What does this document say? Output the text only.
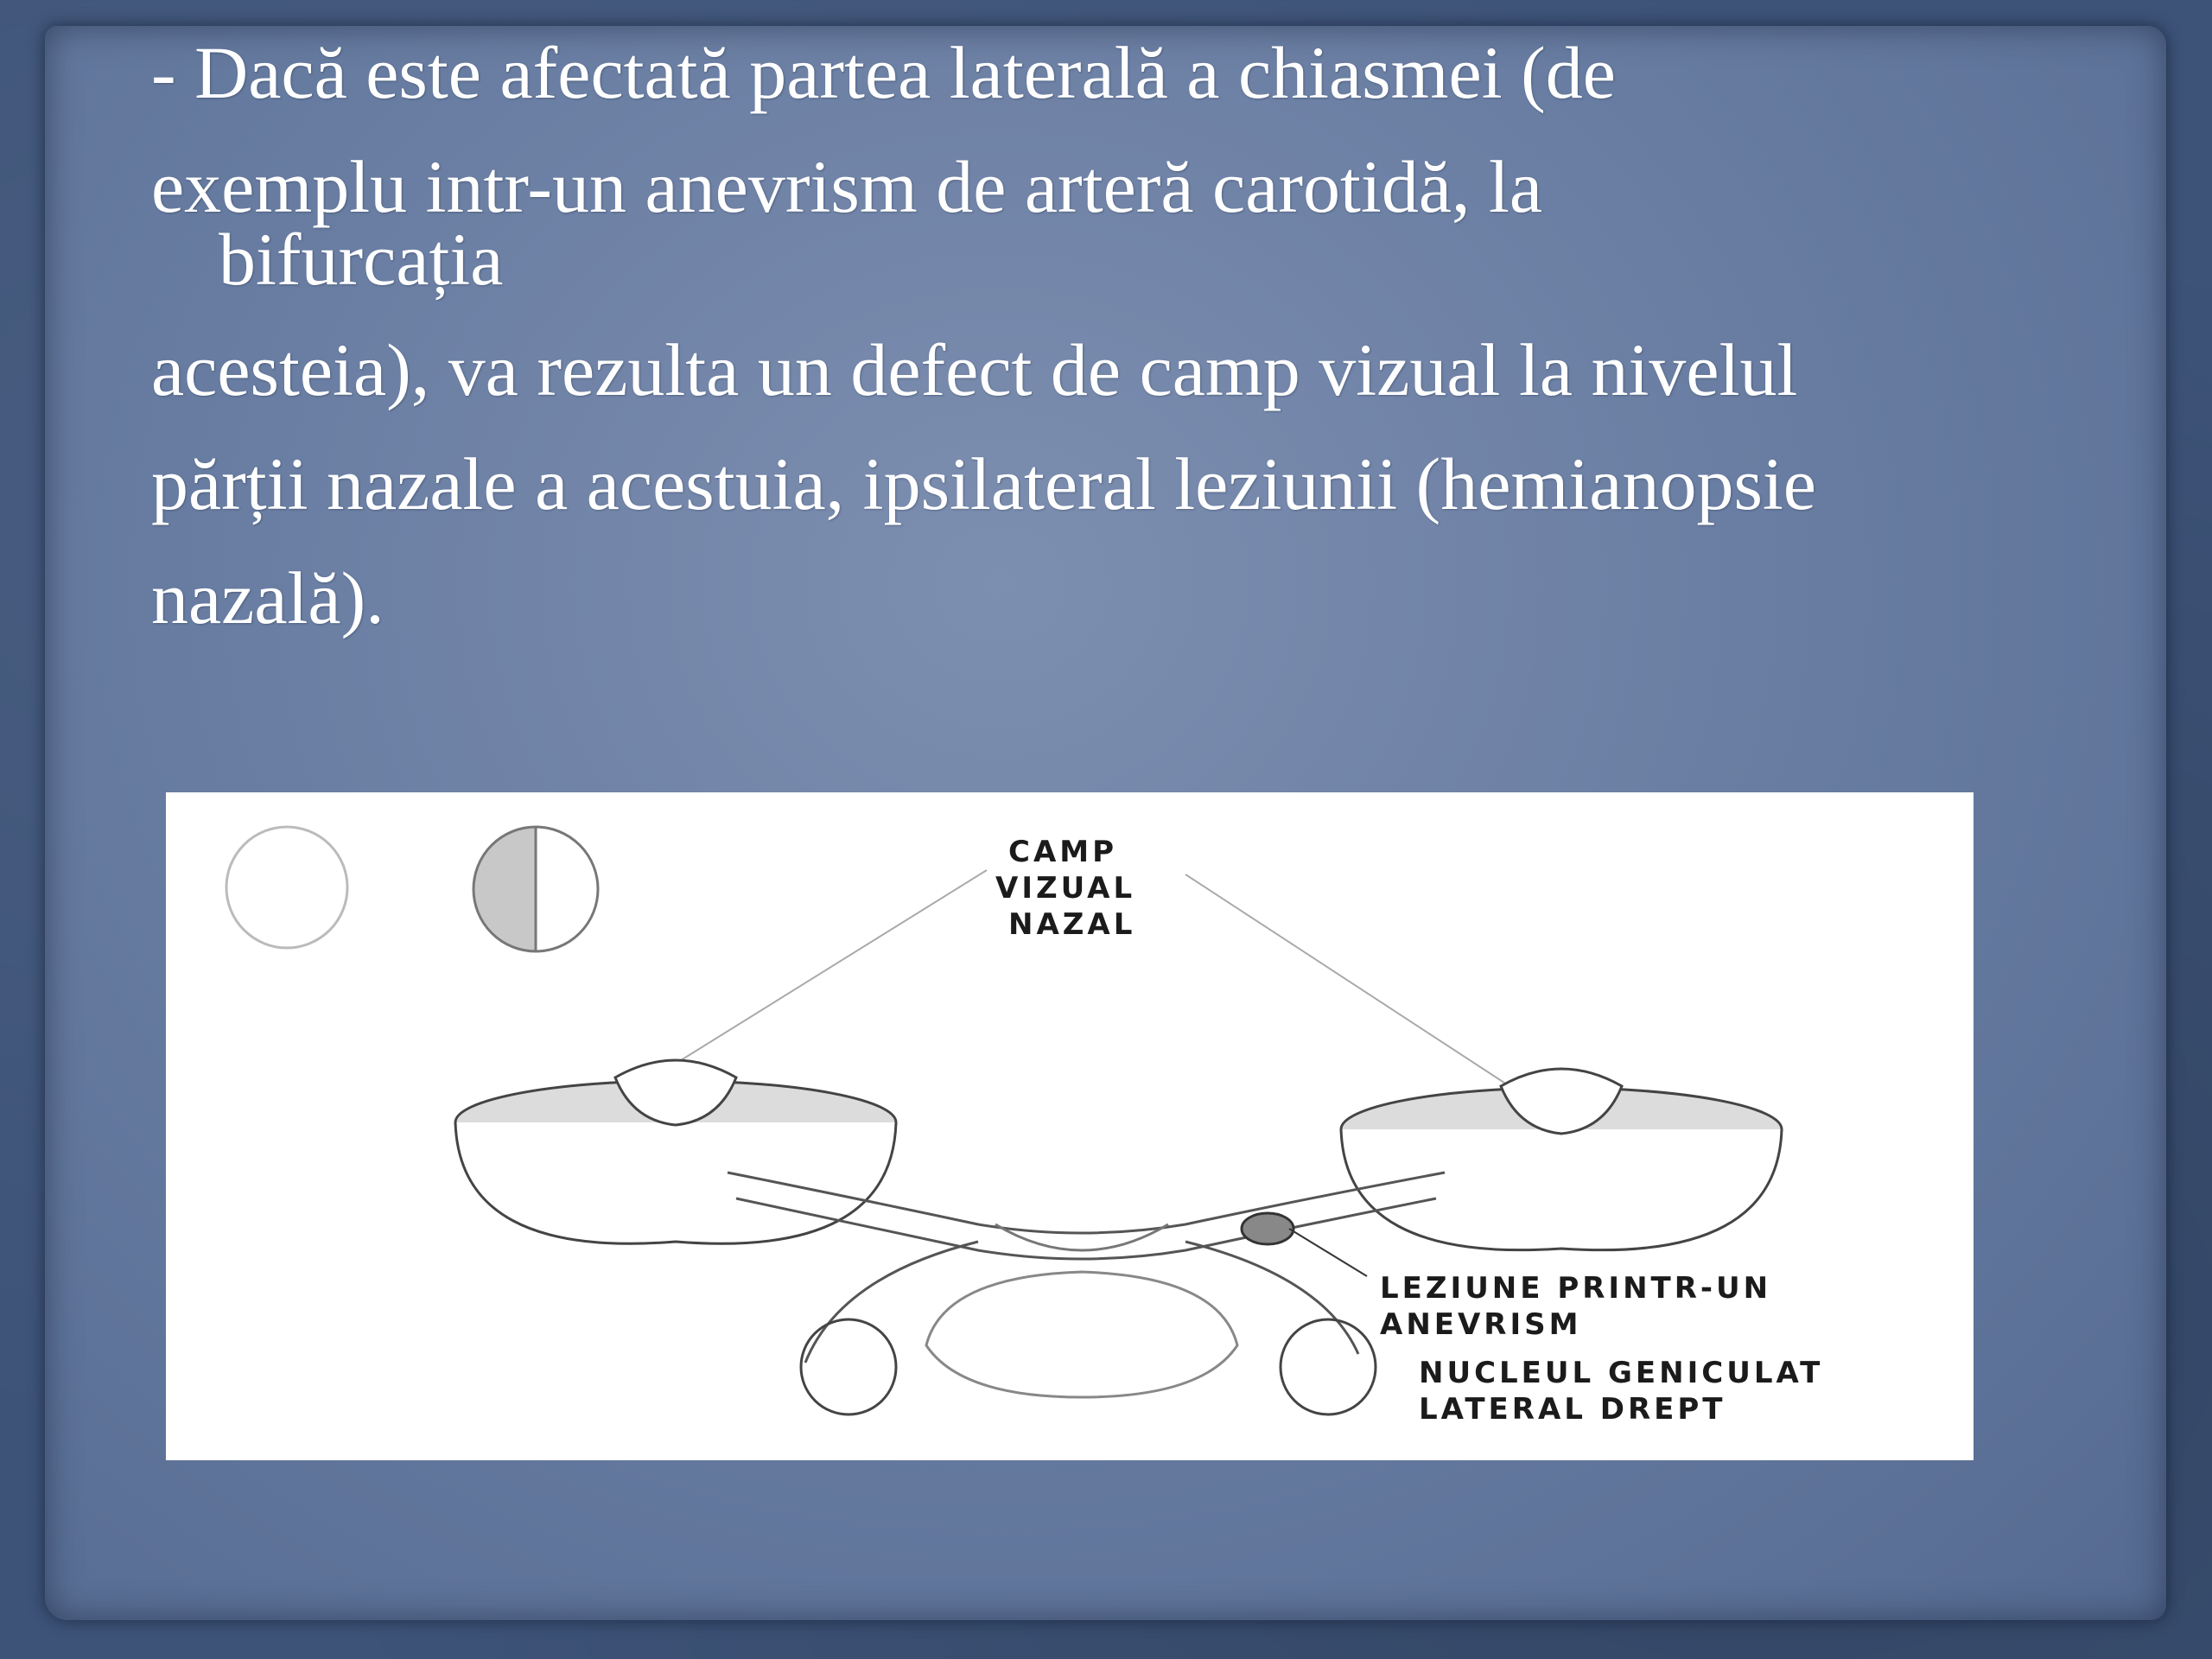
- Dacă este afectată partea laterală a chiasmei (de
exemplu intr-un anevrism de arteră carotidă, la
bifurcația
acesteia), va rezulta un defect de camp vizual la nivelul
părții nazale a acestuia, ipsilateral leziunii (hemianopsie
nazală).
CAMP
VIZUAL
NAZAL
LEZIUNE PRINTR-UN
ANEVRISM
NUCLEUL GENICULAT
LATERAL DREPT
